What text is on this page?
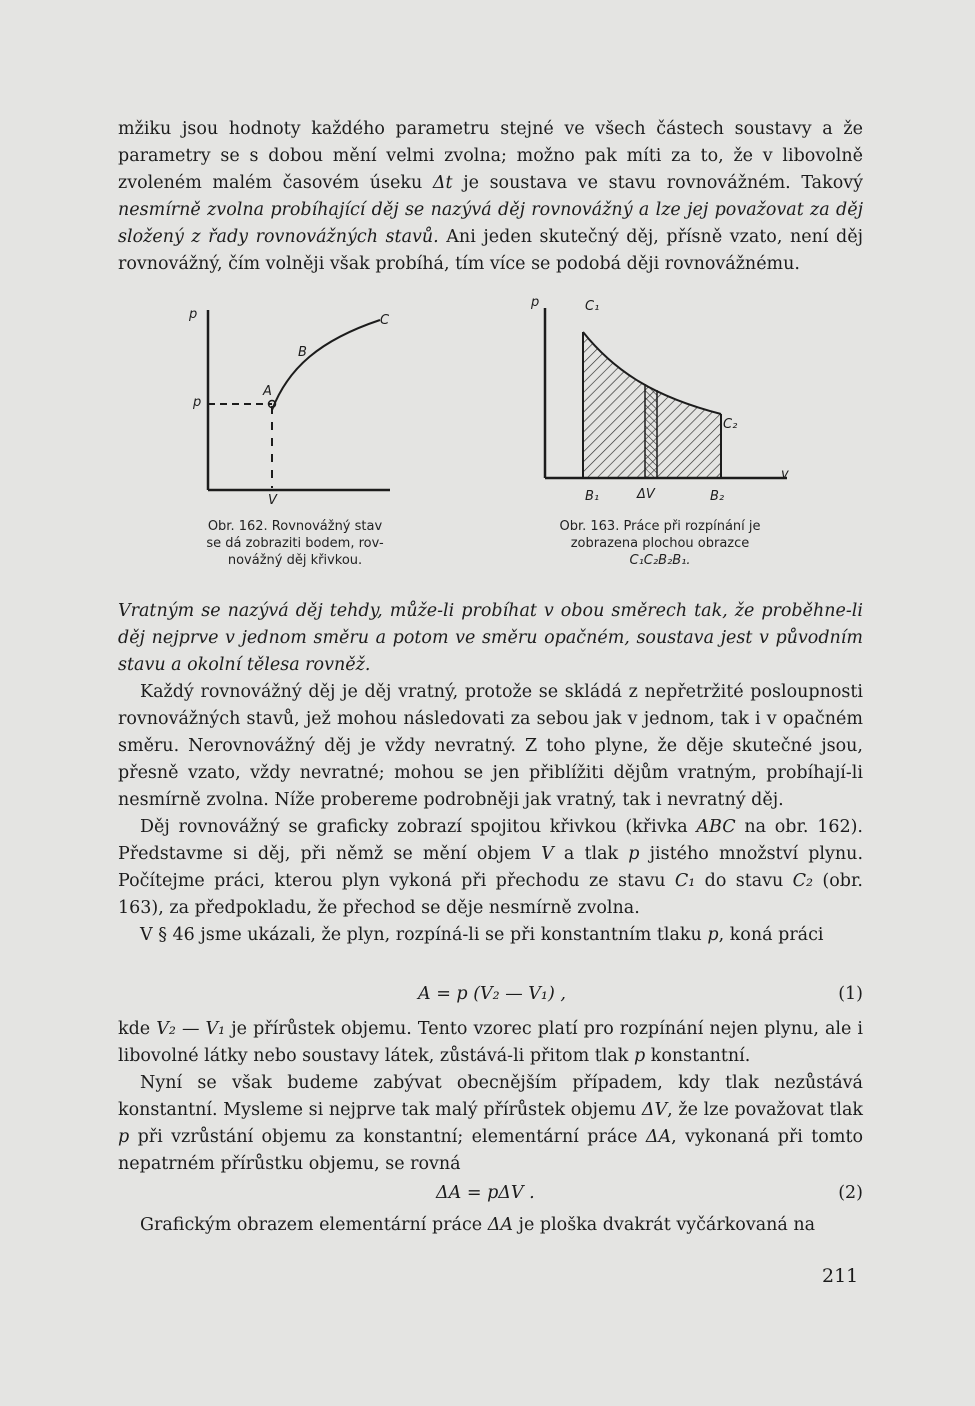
mžiku jsou hodnoty každého parametru stejné ve všech částech soustavy a že parametry se s dobou mění velmi zvolna; možno pak míti za to, že v libovolně zvoleném malém časovém úseku Δt je soustava ve stavu rovnovážném. Takový nesmírně zvolna probíhající děj se nazývá děj rovnovážný a lze jej považovat za děj složený z řady rovnovážných stavů. Ani jeden skutečný děj, přísně vzato, není děj rovnovážný, čím volněji však probíhá, tím více se podobá ději rovnovážnému.

p
p
A
B
C
V
Obr. 162. Rovnovážný stav
se dá zobraziti bodem, rov-
novážný děj křivkou.
p	C₁
C₂
v
B₁	ΔV	B₂
Obr. 163. Práce při rozpínání je
zobrazena plochou obrazce
C₁C₂B₂B₁.

Vratným se nazývá děj tehdy, může-li probíhat v obou směrech tak, že proběhne-li děj nejprve v jednom směru a potom ve směru opačném, soustava jest v původním stavu a okolní tělesa rovněž.

Každý rovnovážný děj je děj vratný, protože se skládá z nepřetržité posloupnosti rovnovážných stavů, jež mohou následovati za sebou jak v jednom, tak i v opačném směru. Nerovnovážný děj je vždy nevratný. Z toho plyne, že děje skutečné jsou, přesně vzato, vždy nevratné; mohou se jen přiblížiti dějům vratným, probíhají-li nesmírně zvolna. Níže probereme podrobněji jak vratný, tak i nevratný děj.

Děj rovnovážný se graficky zobrazí spojitou křivkou (křivka ABC na obr. 162). Představme si děj, při němž se mění objem V a tlak p jistého množství plynu. Počítejme práci, kterou plyn vykoná při přechodu ze stavu C₁ do stavu C₂ (obr. 163), za předpokladu, že přechod se děje nesmírně zvolna.

V § 46 jsme ukázali, že plyn, rozpíná-li se při konstantním tlaku p, koná práci

A = p (V₂ — V₁) ,	(1)

kde V₂ — V₁ je přírůstek objemu. Tento vzorec platí pro rozpínání nejen plynu, ale i libovolné látky nebo soustavy látek, zůstává-li přitom tlak p konstantní.

Nyní se však budeme zabývat obecnějším případem, kdy tlak nezůstává konstantní. Mysleme si nejprve tak malý přírůstek objemu ΔV, že lze považovat tlak p při vzrůstání objemu za konstantní; elementární práce ΔA, vykonaná při tomto nepatrném přírůstku objemu, se rovná

ΔA = pΔV .	(2)

Grafickým obrazem elementární práce ΔA je ploška dvakrát vyčárkovaná na

211
